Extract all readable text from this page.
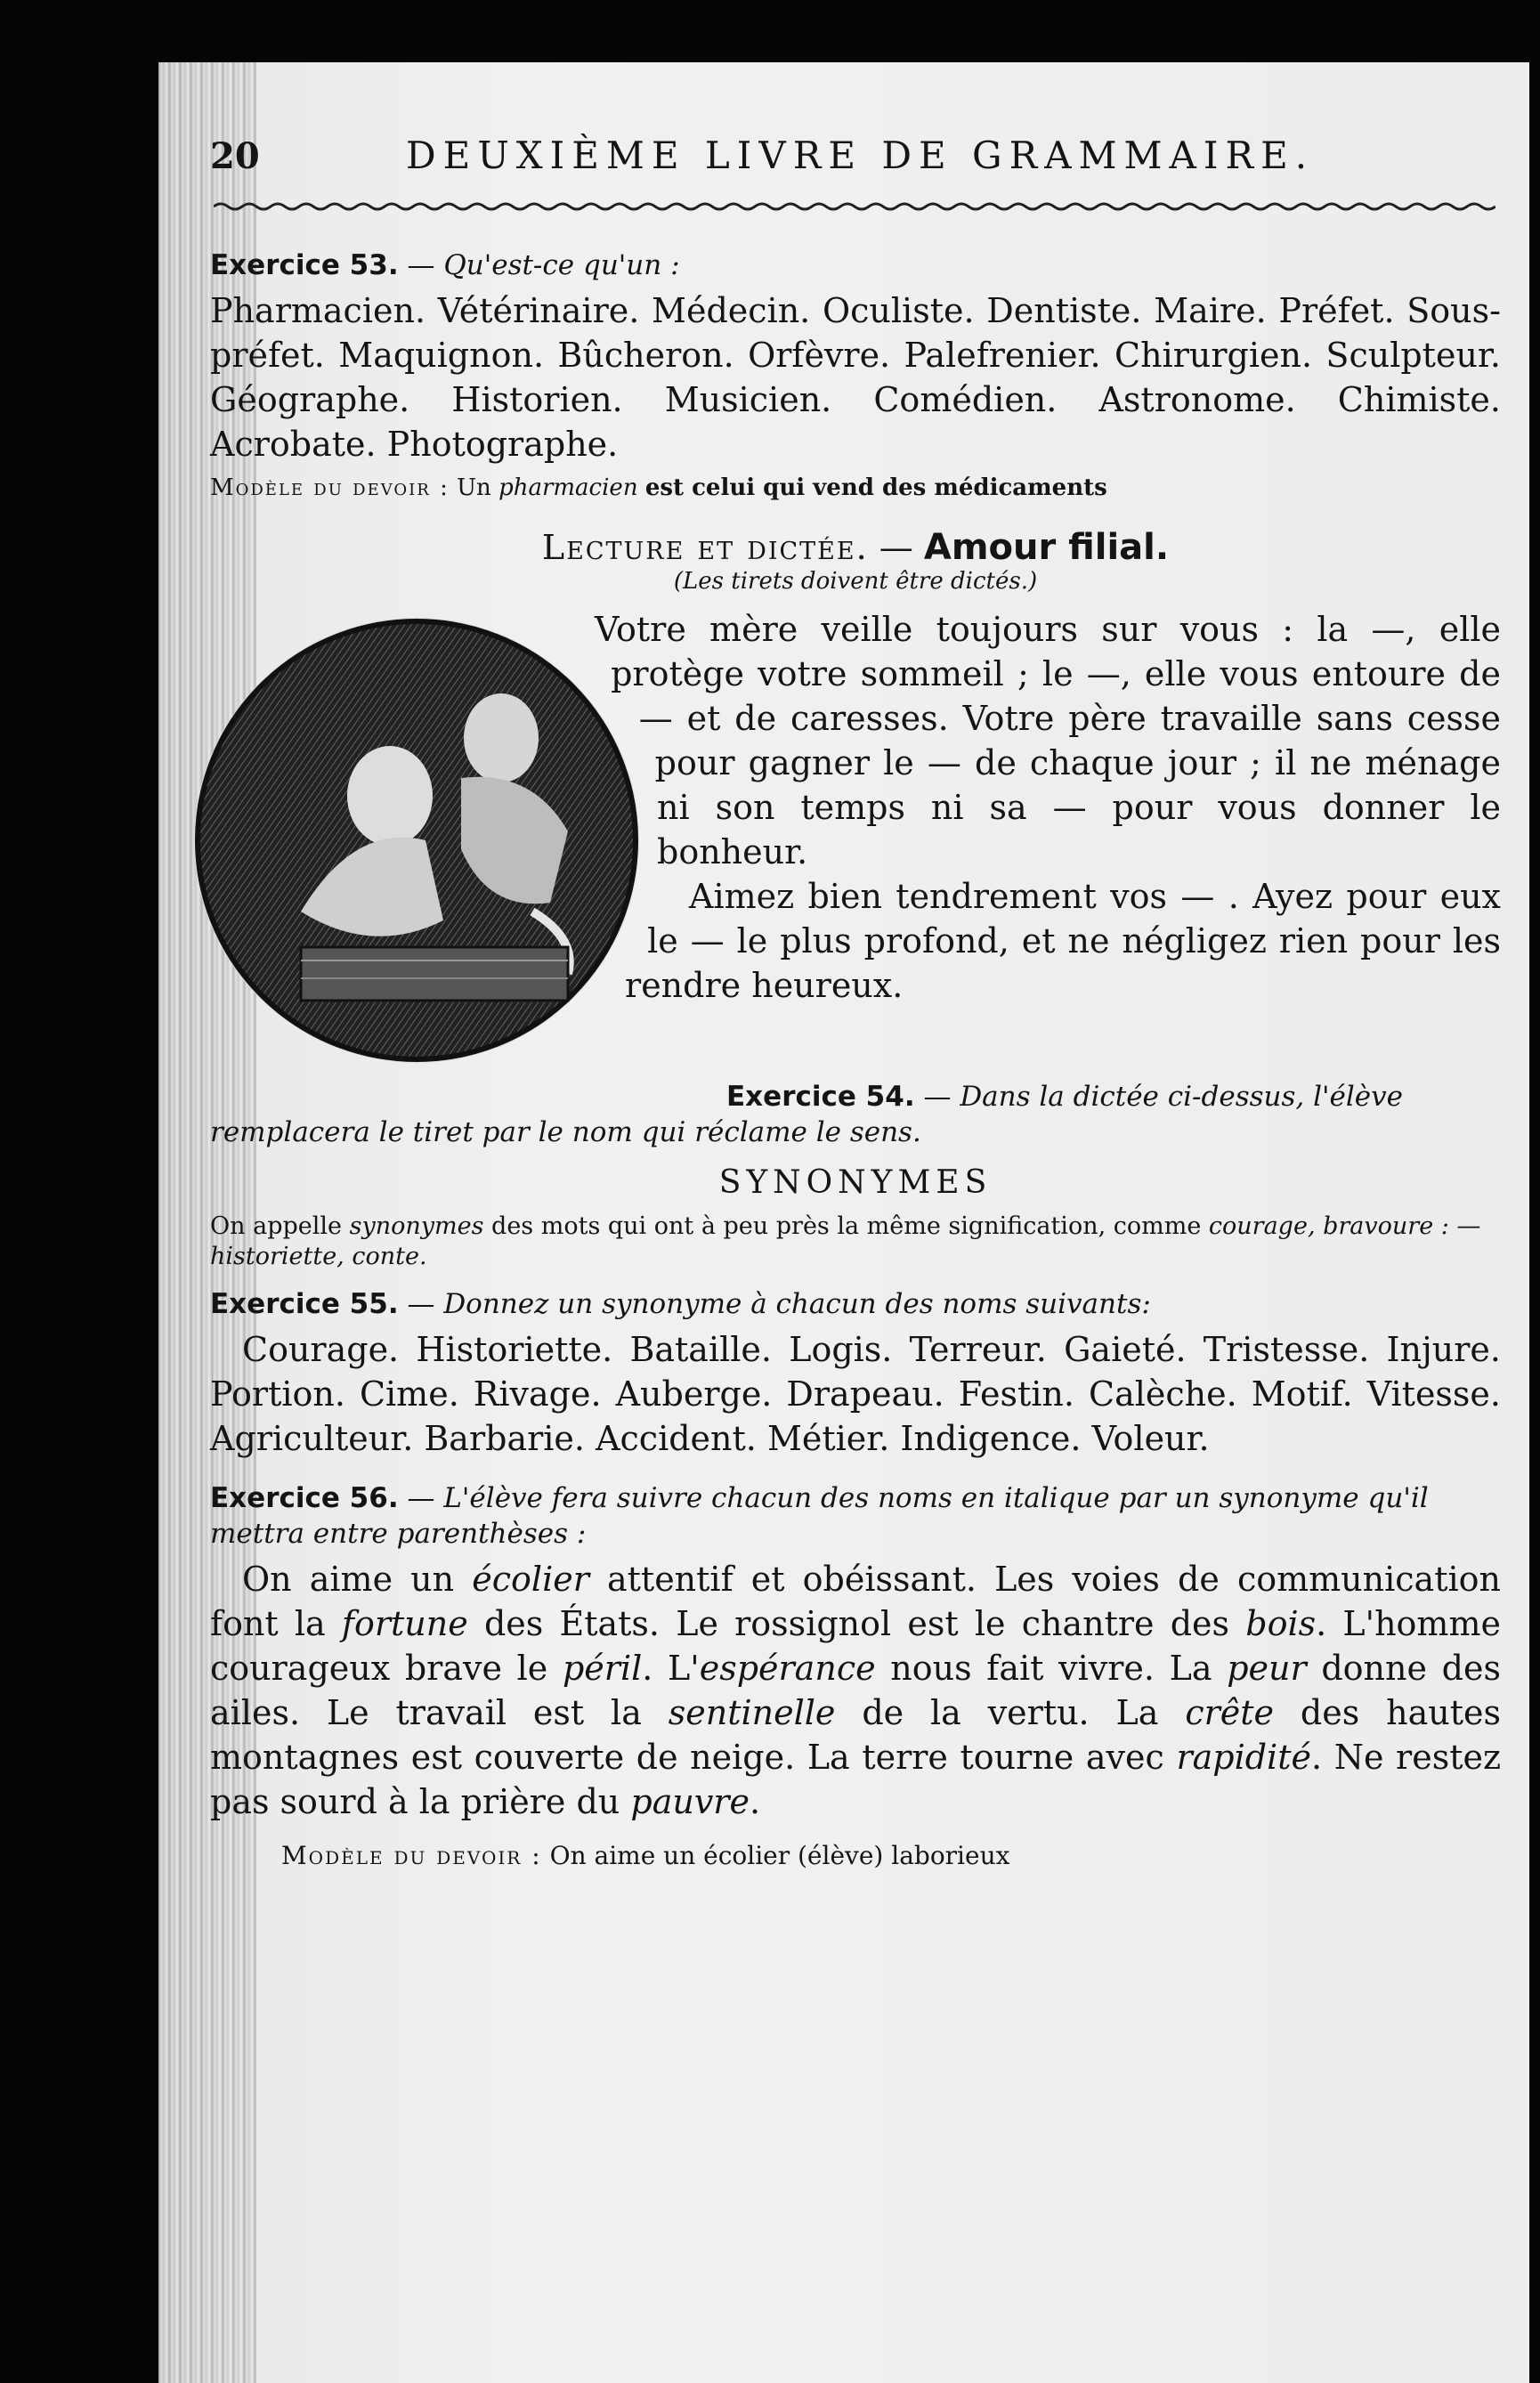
20	DEUXIÈME LIVRE DE GRAMMAIRE.
Exercice 53. — Qu'est-ce qu'un :
Pharmacien. Vétérinaire. Médecin. Oculiste. Dentiste. Maire. Préfet. Sous-préfet. Maquignon. Bûcheron. Orfèvre. Palefrenier. Chirurgien. Sculpteur. Géographe. Historien. Musicien. Comédien. Astronome. Chimiste. Acrobate. Photographe.
Modèle du devoir : Un pharmacien est celui qui vend des médicaments
Lecture et dictée. — Amour filial.
(Les tirets doivent être dictés.)
Votre mère veille toujours sur vous : la —, elle protège votre sommeil ; le —, elle vous entoure de — et de caresses. Votre père travaille sans cesse pour gagner le — de chaque jour ; il ne ménage ni son temps ni sa — pour vous donner le bonheur.
Aimez bien tendrement vos — . Ayez pour eux le — le plus profond, et ne négligez rien pour les rendre heureux.
Exercice 54. — Dans la dictée ci-dessus, l'élève remplacera le tiret par le nom qui réclame le sens.
SYNONYMES
On appelle synonymes des mots qui ont à peu près la même signification, comme courage, bravoure : — historiette, conte.
Exercice 55. — Donnez un synonyme à chacun des noms suivants:
Courage. Historiette. Bataille. Logis. Terreur. Gaieté. Tristesse. Injure. Portion. Cime. Rivage. Auberge. Drapeau. Festin. Calèche. Motif. Vitesse. Agriculteur. Barbarie. Accident. Métier. Indigence. Voleur.
Exercice 56. — L'élève fera suivre chacun des noms en italique par un synonyme qu'il mettra entre parenthèses :
On aime un écolier attentif et obéissant. Les voies de communication font la fortune des États. Le rossignol est le chantre des bois. L'homme courageux brave le péril. L'espérance nous fait vivre. La peur donne des ailes. Le travail est la sentinelle de la vertu. La crête des hautes montagnes est couverte de neige. La terre tourne avec rapidité. Ne restez pas sourd à la prière du pauvre.
Modèle du devoir : On aime un écolier (élève) laborieux
